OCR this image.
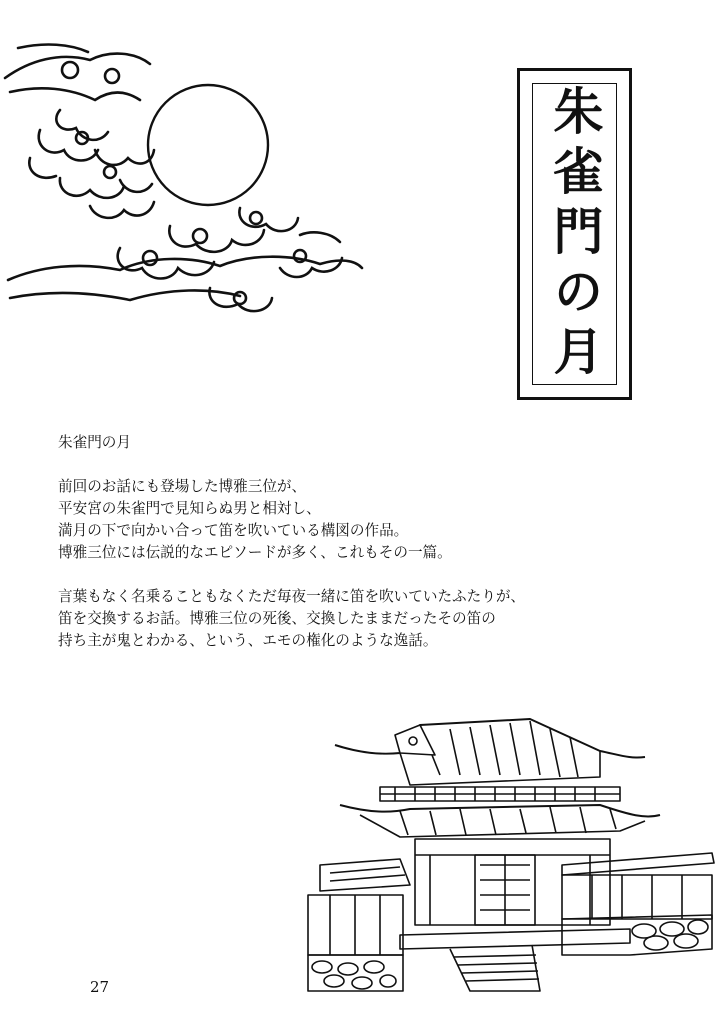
朱雀門の月

朱雀門の月

前回のお話にも登場した博雅三位が、

平安宮の朱雀門で見知らぬ男と相対し、

満月の下で向かい合って笛を吹いている構図の作品。

博雅三位には伝説的なエピソードが多く、これもその一篇。

言葉もなく名乗ることもなくただ毎夜一緒に笛を吹いていたふたりが、

笛を交換するお話。博雅三位の死後、交換したままだったその笛の

持ち主が鬼とわかる、という、エモの権化のような逸話。

27
